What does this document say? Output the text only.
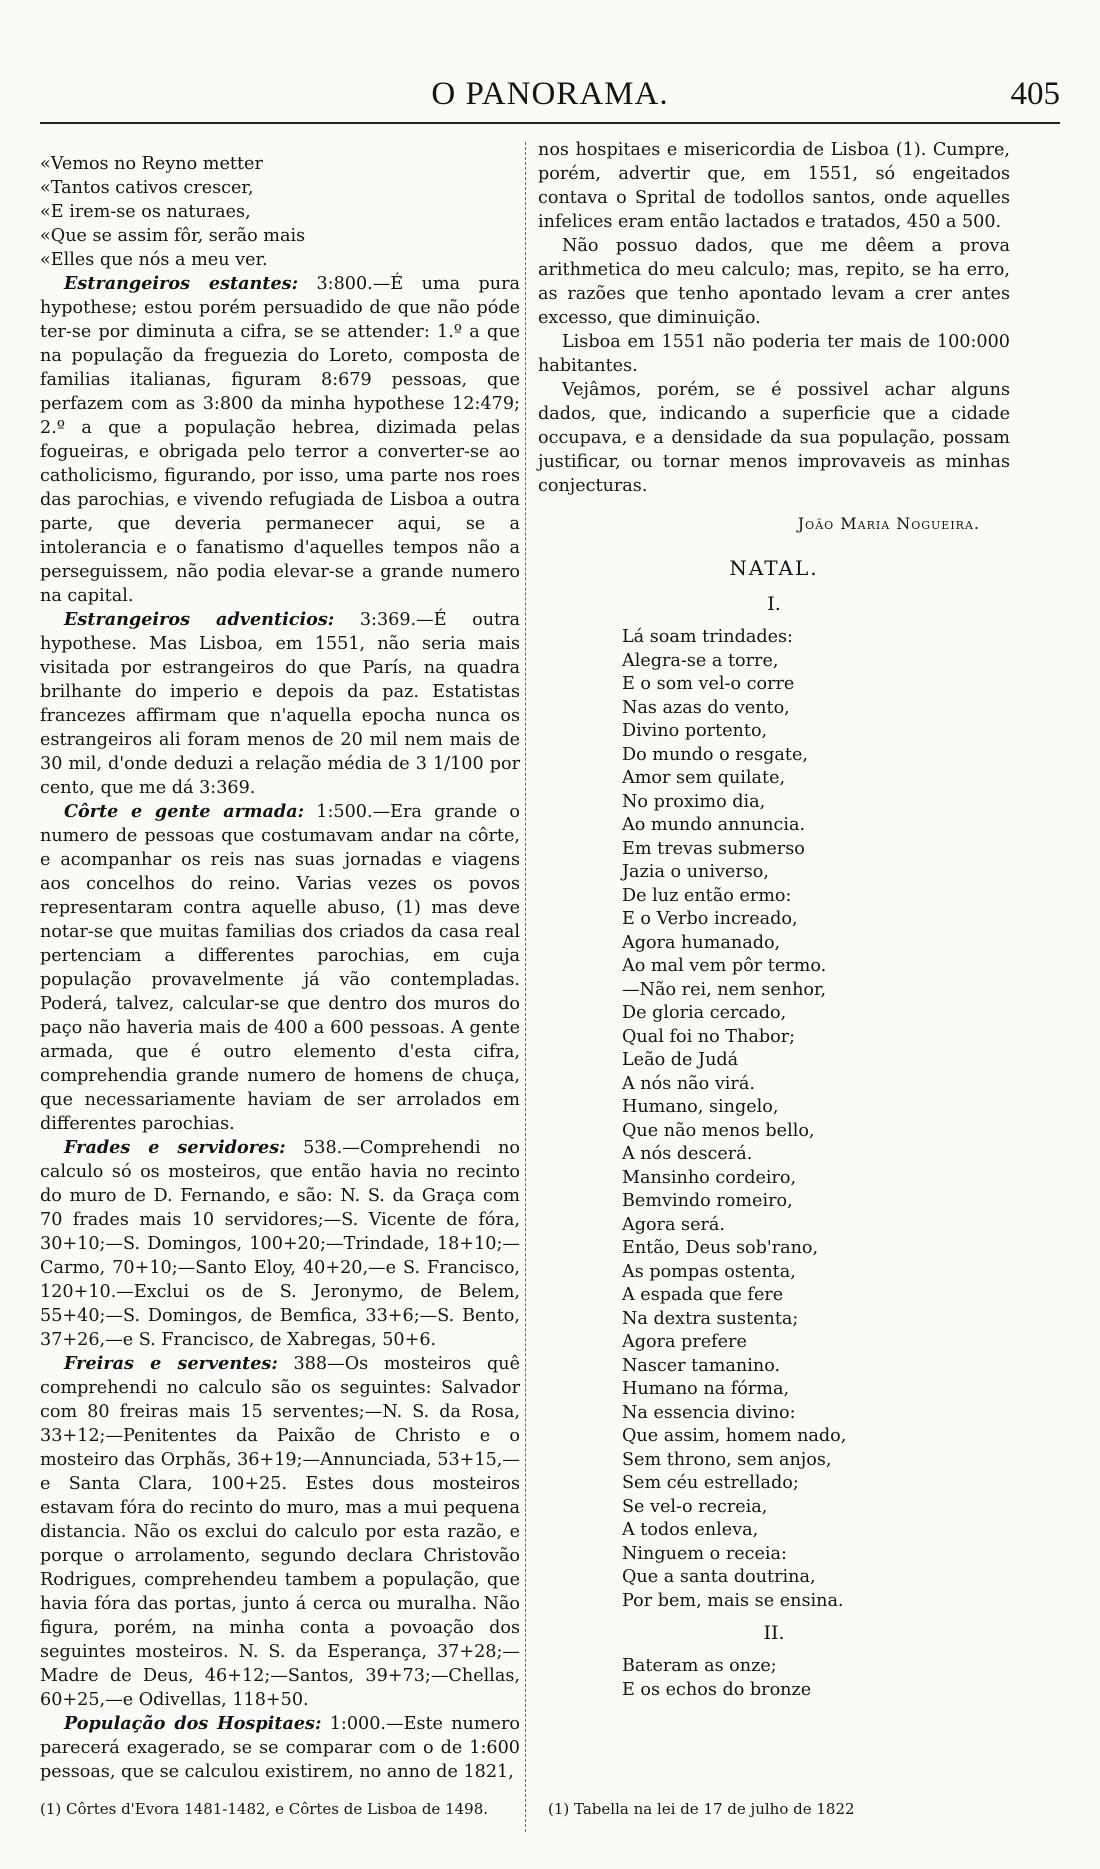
O PANORAMA.	405

«Vemos no Reyno metter
«Tantos cativos crescer,
«E irem-se os naturaes,
«Que se assim fôr, serão mais
«Elles que nós a meu ver.

Estrangeiros estantes: 3:800.—É uma pura hypothese; estou porém persuadido de que não póde ter-se por diminuta a cifra, se se attender: 1.º a que na população da freguezia do Loreto, composta de familias italianas, figuram 8:679 pessoas, que perfazem com as 3:800 da minha hypothese 12:479; 2.º a que a população hebrea, dizimada pelas fogueiras, e obrigada pelo terror a converter-se ao catholicismo, figurando, por isso, uma parte nos roes das parochias, e vivendo refugiada de Lisboa a outra parte, que deveria permanecer aqui, se a intolerancia e o fanatismo d'aquelles tempos não a perseguissem, não podia elevar-se a grande numero na capital.

Estrangeiros adventicios: 3:369.—É outra hypothese. Mas Lisboa, em 1551, não seria mais visitada por estrangeiros do que París, na quadra brilhante do imperio e depois da paz. Estatistas francezes affirmam que n'aquella epocha nunca os estrangeiros ali foram menos de 20 mil nem mais de 30 mil, d'onde deduzi a relação média de 3 1/100 por cento, que me dá 3:369.

Côrte e gente armada: 1:500.—Era grande o numero de pessoas que costumavam andar na côrte, e acompanhar os reis nas suas jornadas e viagens aos concelhos do reino. Varias vezes os povos representaram contra aquelle abuso, (1) mas deve notar-se que muitas familias dos criados da casa real pertenciam a differentes parochias, em cuja população provavelmente já vão contempladas. Poderá, talvez, calcular-se que dentro dos muros do paço não haveria mais de 400 a 600 pessoas. A gente armada, que é outro elemento d'esta cifra, comprehendia grande numero de homens de chuça, que necessariamente haviam de ser arrolados em differentes parochias.

Frades e servidores: 538.—Comprehendi no calculo só os mosteiros, que então havia no recinto do muro de D. Fernando, e são: N. S. da Graça com 70 frades mais 10 servidores;—S. Vicente de fóra, 30+10;—S. Domingos, 100+20;—Trindade, 18+10;—Carmo, 70+10;—Santo Eloy, 40+20,—e S. Francisco, 120+10.—Exclui os de S. Jeronymo, de Belem, 55+40;—S. Domingos, de Bemfica, 33+6;—S. Bento, 37+26,—e S. Francisco, de Xabregas, 50+6.

Freiras e serventes: 388—Os mosteiros quê comprehendi no calculo são os seguintes: Salvador com 80 freiras mais 15 serventes;—N. S. da Rosa, 33+12;—Penitentes da Paixão de Christo e o mosteiro das Orphãs, 36+19;—Annunciada, 53+15,—e Santa Clara, 100+25. Estes dous mosteiros estavam fóra do recinto do muro, mas a mui pequena distancia. Não os exclui do calculo por esta razão, e porque o arrolamento, segundo declara Christovão Rodrigues, comprehendeu tambem a população, que havia fóra das portas, junto á cerca ou muralha. Não figura, porém, na minha conta a povoação dos seguintes mosteiros. N. S. da Esperança, 37+28;—Madre de Deus, 46+12;—Santos, 39+73;—Chellas, 60+25,—e Odivellas, 118+50.

População dos Hospitaes: 1:000.—Este numero parecerá exagerado, se se comparar com o de 1:600 pessoas, que se calculou existirem, no anno de 1821,

nos hospitaes e misericordia de Lisboa (1). Cumpre, porém, advertir que, em 1551, só engeitados contava o Sprital de todollos santos, onde aquelles infelices eram então lactados e tratados, 450 a 500.

Não possuo dados, que me dêem a prova arithmetica do meu calculo; mas, repito, se ha erro, as razões que tenho apontado levam a crer antes excesso, que diminuição.

Lisboa em 1551 não poderia ter mais de 100:000 habitantes.

Vejâmos, porém, se é possivel achar alguns dados, que, indicando a superficie que a cidade occupava, e a densidade da sua população, possam justificar, ou tornar menos improvaveis as minhas conjecturas.

João Maria Nogueira.

NATAL.

I.

Lá soam trindades:
Alegra-se a torre,
E o som vel-o corre
Nas azas do vento,
Divino portento,
Do mundo o resgate,
Amor sem quilate,
No proximo dia,
Ao mundo annuncia.
Em trevas submerso
Jazia o universo,
De luz então ermo:
E o Verbo increado,
Agora humanado,
Ao mal vem pôr termo.
—Não rei, nem senhor,
De gloria cercado,
Qual foi no Thabor;
Leão de Judá
A nós não virá.
Humano, singelo,
Que não menos bello,
A nós descerá.
Mansinho cordeiro,
Bemvindo romeiro,
Agora será.
Então, Deus sob'rano,
As pompas ostenta,
A espada que fere
Na dextra sustenta;
Agora prefere
Nascer tamanino.
Humano na fórma,
Na essencia divino:
Que assim, homem nado,
Sem throno, sem anjos,
Sem céu estrellado;
Se vel-o recreia,
A todos enleva,
Ninguem o receia:
Que a santa doutrina,
Por bem, mais se ensina.

II.

Bateram as onze;
E os echos do bronze
(1) Côrtes d'Evora 1481-1482, e Côrtes de Lisboa de 1498.	(1) Tabella na lei de 17 de julho de 1822
